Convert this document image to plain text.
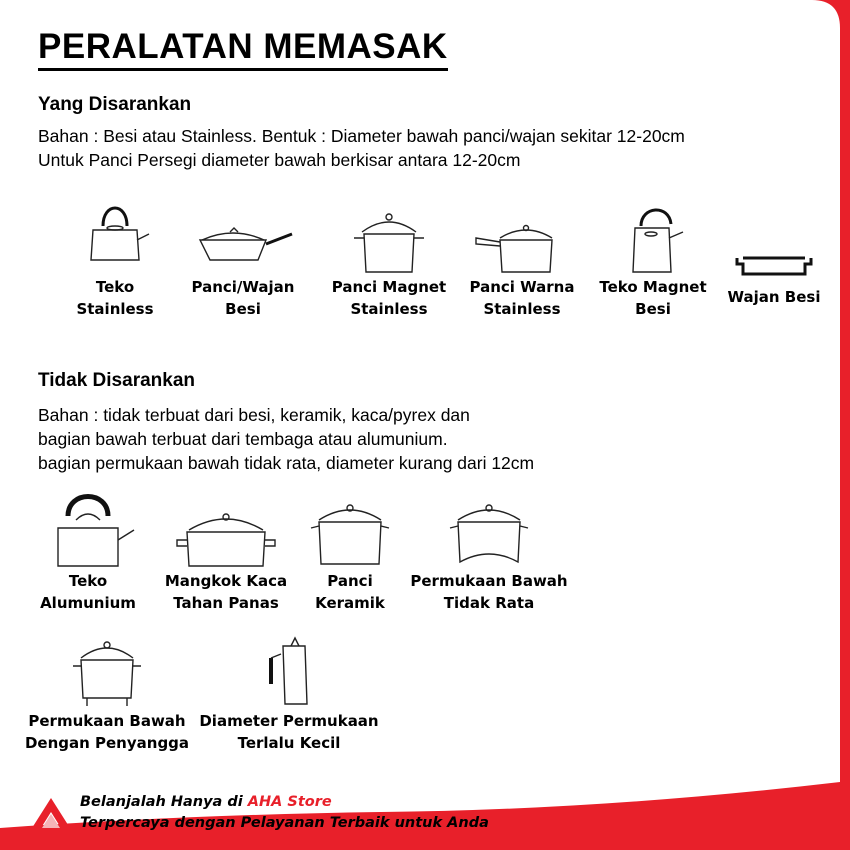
PERALATAN MEMASAK
Yang Disarankan
Bahan : Besi atau Stainless. Bentuk : Diameter bawah panci/wajan sekitar 12-20cm
Untuk Panci Persegi diameter bawah berkisar antara 12-20cm
Teko
Stainless
Panci/Wajan
Besi
Panci Magnet
Stainless
Panci Warna
Stainless
Teko Magnet
Besi
Wajan Besi
Tidak Disarankan
Bahan : tidak terbuat dari besi, keramik, kaca/pyrex dan
bagian bawah terbuat dari tembaga atau alumunium.
bagian permukaan bawah tidak rata, diameter kurang dari 12cm
Teko
Alumunium
Mangkok Kaca
Tahan Panas
Panci
Keramik
Permukaan Bawah
Tidak Rata
Permukaan Bawah
Dengan Penyangga
Diameter Permukaan
Terlalu Kecil
Belanjalah Hanya di AHA Store
Terpercaya dengan Pelayanan Terbaik untuk Anda
